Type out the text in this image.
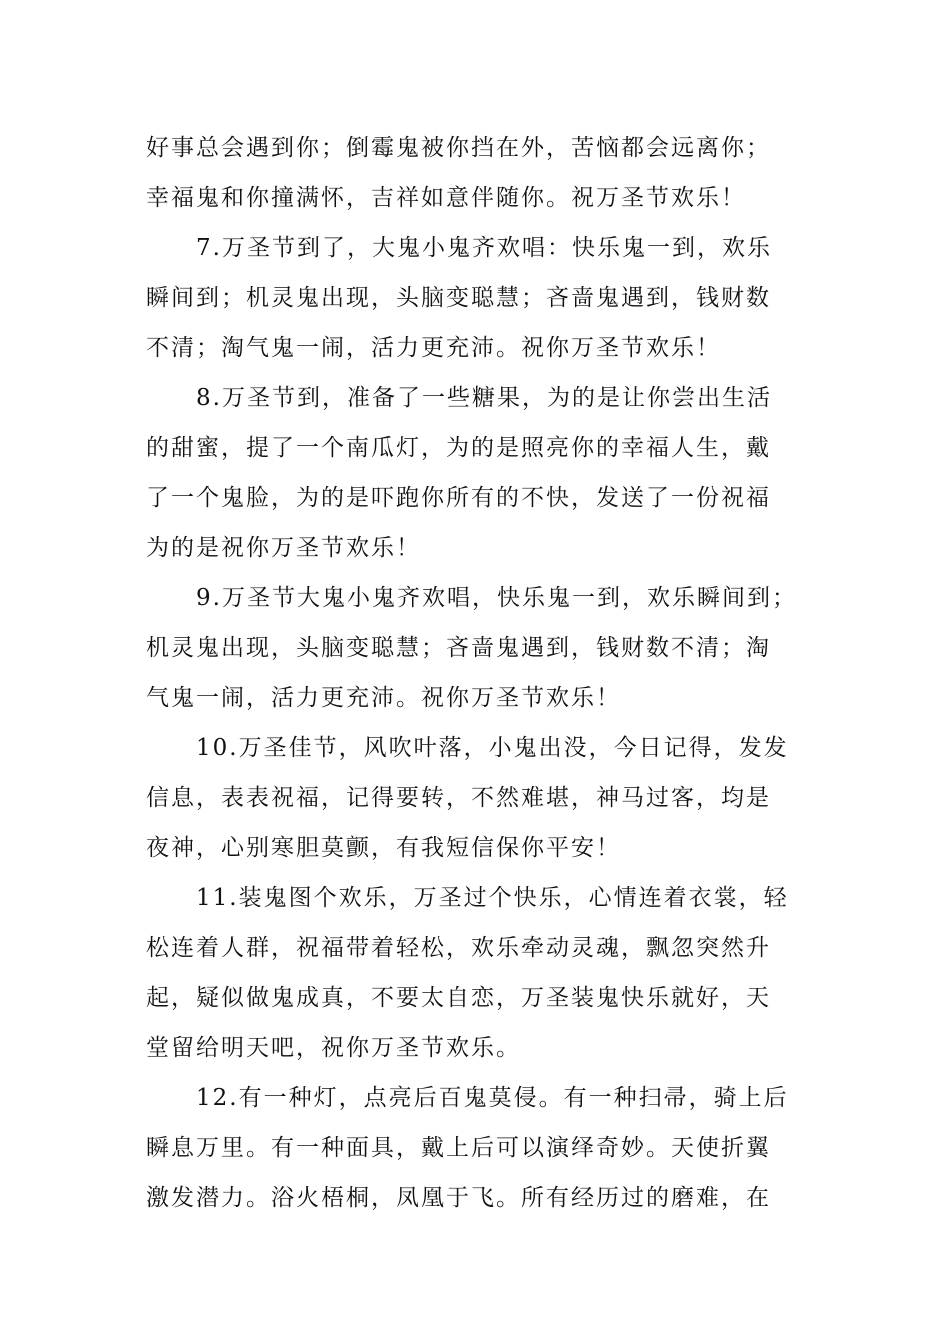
好事总会遇到你；倒霉鬼被你挡在外，苦恼都会远离你；
幸福鬼和你撞满怀，吉祥如意伴随你。祝万圣节欢乐！
7.万圣节到了，大鬼小鬼齐欢唱：快乐鬼一到，欢乐
瞬间到；机灵鬼出现，头脑变聪慧；吝啬鬼遇到，钱财数
不清；淘气鬼一闹，活力更充沛。祝你万圣节欢乐！
8.万圣节到，准备了一些糖果，为的是让你尝出生活
的甜蜜，提了一个南瓜灯，为的是照亮你的幸福人生，戴
了一个鬼脸，为的是吓跑你所有的不快，发送了一份祝福
为的是祝你万圣节欢乐！
9.万圣节大鬼小鬼齐欢唱，快乐鬼一到，欢乐瞬间到；
机灵鬼出现，头脑变聪慧；吝啬鬼遇到，钱财数不清；淘
气鬼一闹，活力更充沛。祝你万圣节欢乐！
10.万圣佳节，风吹叶落，小鬼出没，今日记得，发发
信息，表表祝福，记得要转，不然难堪，神马过客，均是
夜神，心别寒胆莫颤，有我短信保你平安！
11.装鬼图个欢乐，万圣过个快乐，心情连着衣裳，轻
松连着人群，祝福带着轻松，欢乐牵动灵魂，飘忽突然升
起，疑似做鬼成真，不要太自恋，万圣装鬼快乐就好，天
堂留给明天吧，祝你万圣节欢乐。
12.有一种灯，点亮后百鬼莫侵。有一种扫帚，骑上后
瞬息万里。有一种面具，戴上后可以演绎奇妙。天使折翼
激发潜力。浴火梧桐，凤凰于飞。所有经历过的磨难，在
